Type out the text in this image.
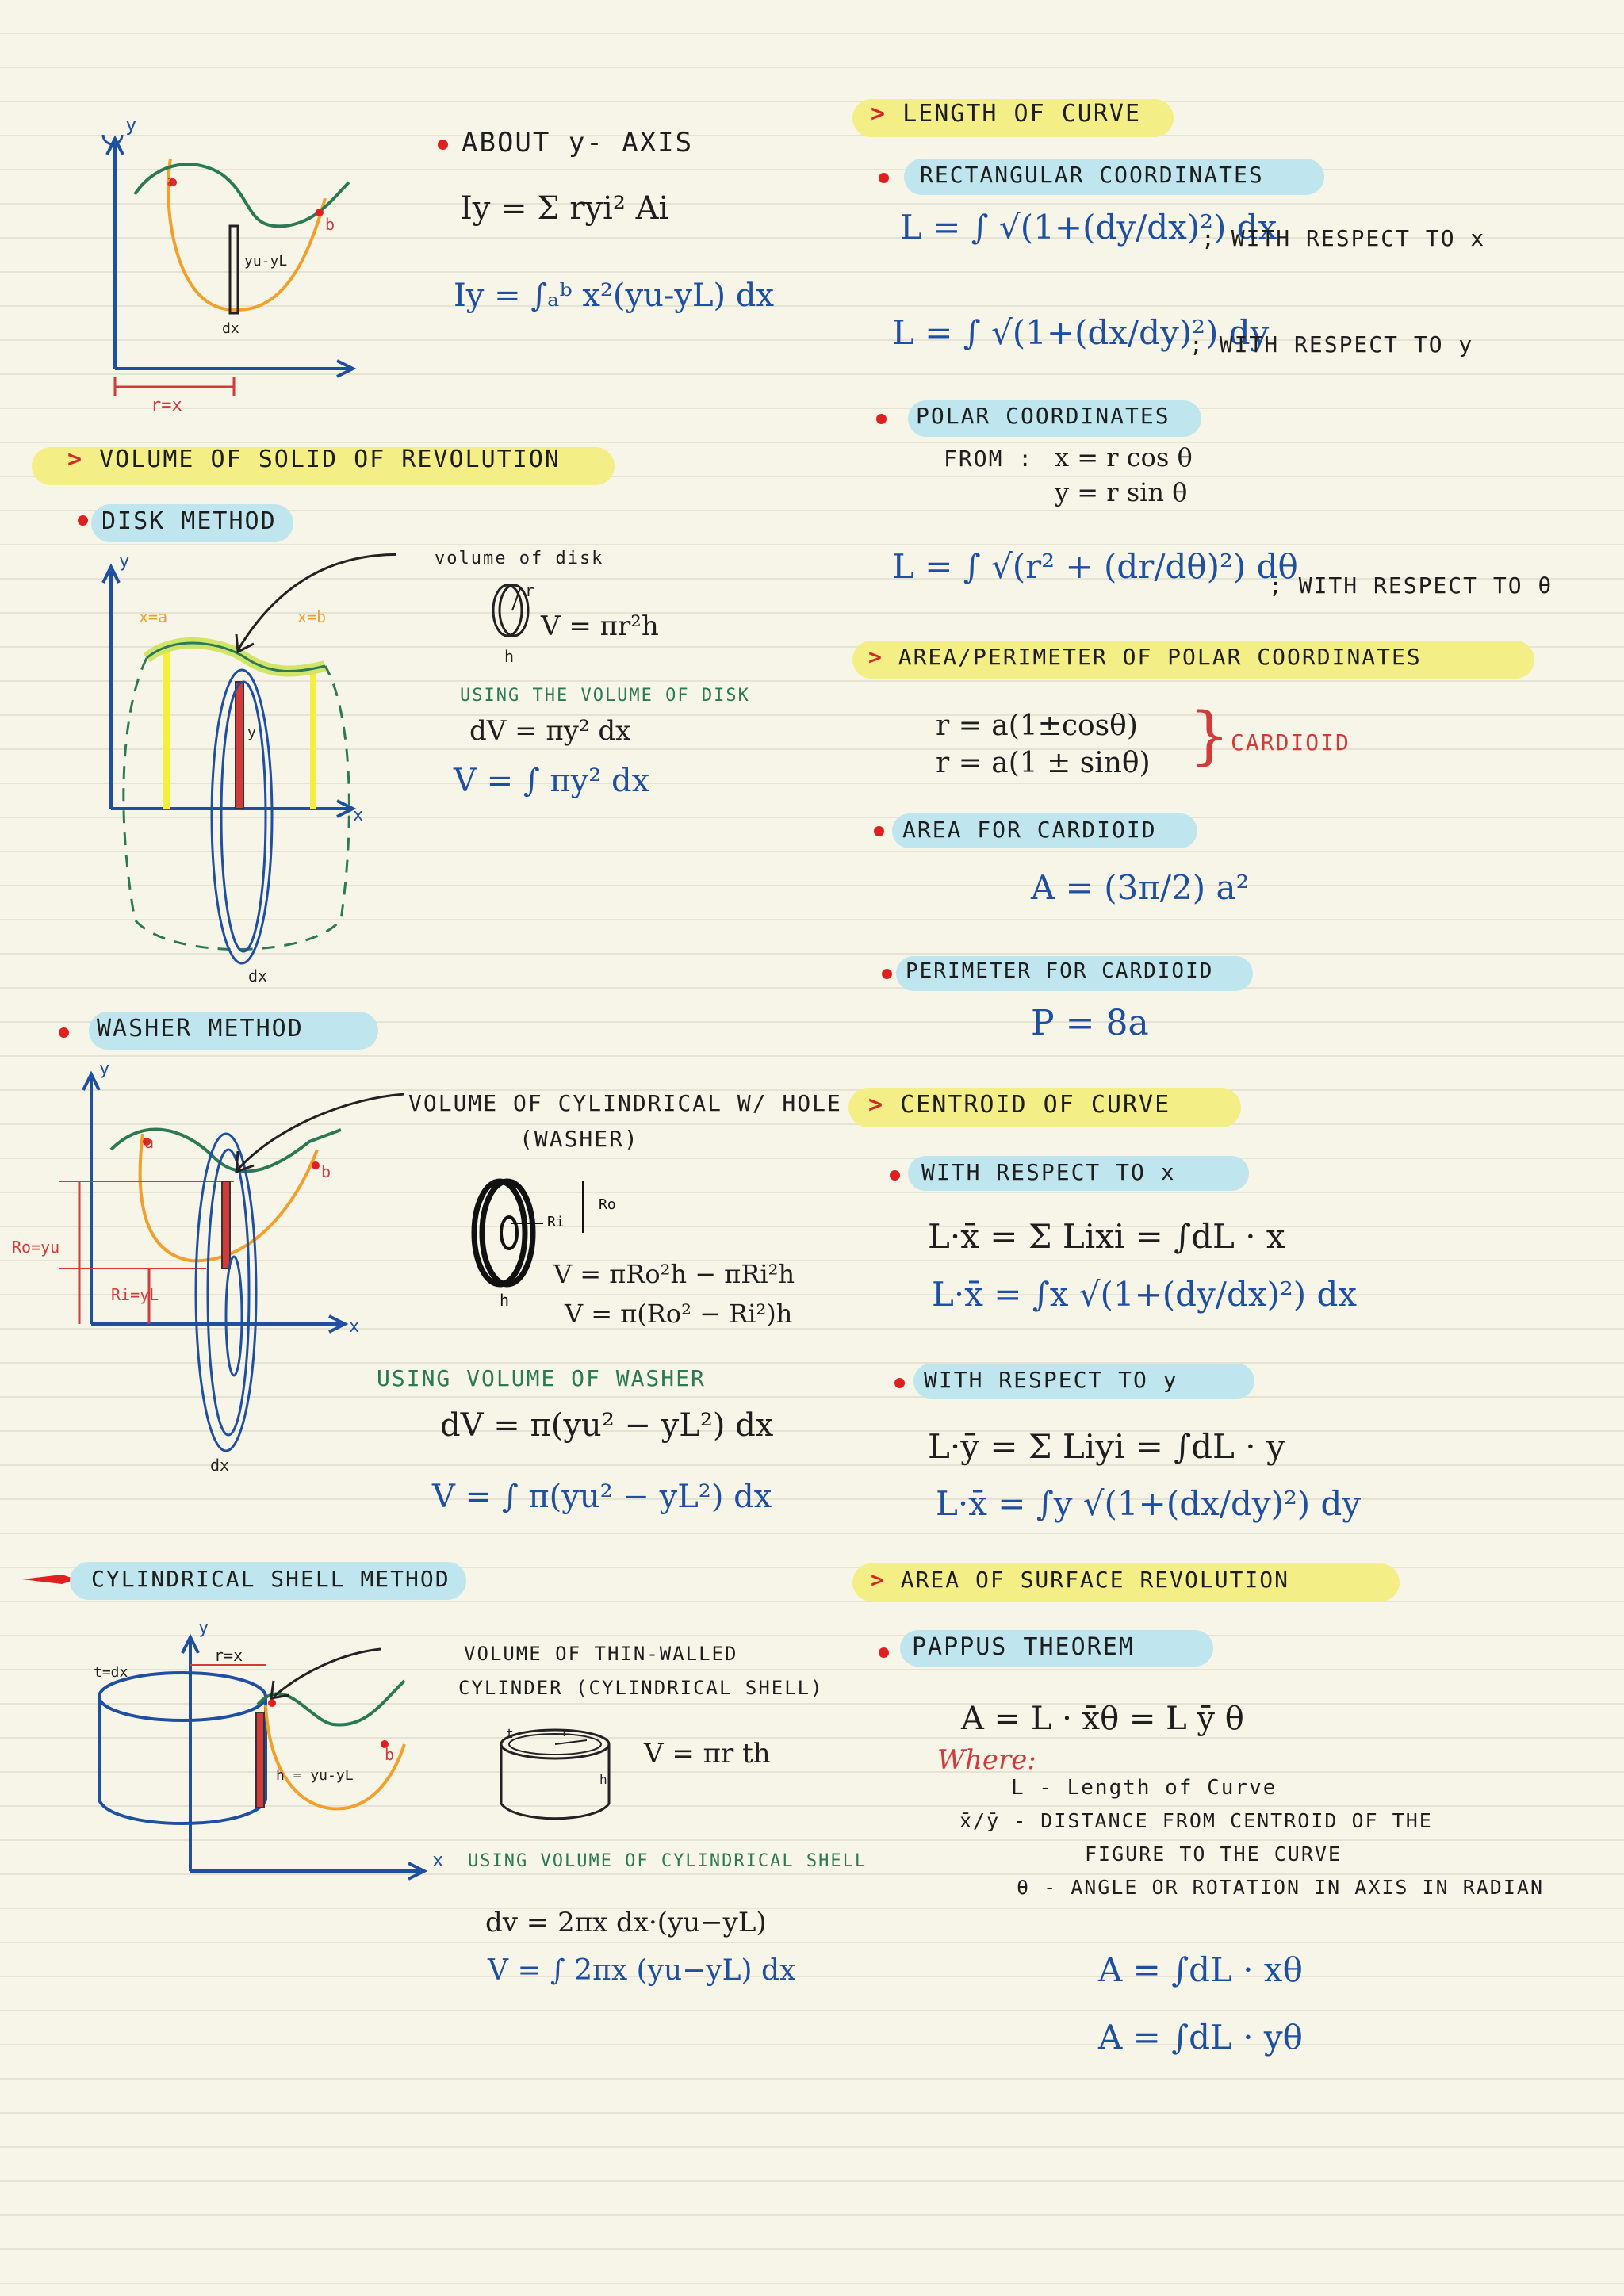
y
a
b
yu-yL
dx
r=x
ABOUT y- AXIS
Iy = Σ ryi² Ai
Iy = ∫ₐᵇ x²(yu-yL) dx
> VOLUME OF SOLID OF REVOLUTION
DISK METHOD
y
x
x=a	x=b
y
dx
volume of disk
r
h
V = πr²h
USING THE VOLUME OF DISK
dV = πy² dx
V = ∫ πy² dx
WASHER METHOD
y
x
a
b
Ro=yu
Ri=yL
dx
VOLUME OF CYLINDRICAL W/ HOLE
(WASHER)
Ri
Ro
h
V = πRo²h − πRi²h
V = π(Ro² − Ri²)h
USING VOLUME OF WASHER
dV = π(yu² − yL²) dx
V = ∫ π(yu² − yL²) dx
CYLINDRICAL SHELL METHOD
y
b
r=x
t=dx
h = yu-yL
VOLUME OF THIN-WALLED
CYLINDER (CYLINDRICAL SHELL)
t	r
h
V = πr th
x USING VOLUME OF CYLINDRICAL SHELL
dv = 2πx dx·(yu−yL)
V = ∫ 2πx (yu−yL) dx
> LENGTH OF CURVE
RECTANGULAR COORDINATES
L = ∫ √(1+(dy/dx)²) dx
; WITH RESPECT TO x
L = ∫ √(1+(dx/dy)²) dy
; WITH RESPECT TO y
POLAR COORDINATES
FROM : x = r cos θ
y = r sin θ
L = ∫ √(r² + (dr/dθ)²) dθ
; WITH RESPECT TO θ
> AREA/PERIMETER OF POLAR COORDINATES
r = a(1±cosθ)
r = a(1 ± sinθ) } CARDIOID
AREA FOR CARDIOID
A = (3π/2) a²
PERIMETER FOR CARDIOID
P = 8a
> CENTROID OF CURVE
WITH RESPECT TO x
L·x̄ = Σ Lixi = ∫dL · x
L·x̄ = ∫x √(1+(dy/dx)²) dx
WITH RESPECT TO y
L·ȳ = Σ Liyi = ∫dL · y
L·x̄ = ∫y √(1+(dx/dy)²) dy
> AREA OF SURFACE REVOLUTION
PAPPUS THEOREM
A = L · x̄θ = L ȳ θ
Where:
L - Length of Curve
x̄/ȳ - DISTANCE FROM CENTROID OF THE
FIGURE TO THE CURVE
θ - ANGLE OR ROTATION IN AXIS IN RADIAN
A = ∫dL · xθ
A = ∫dL · yθ
